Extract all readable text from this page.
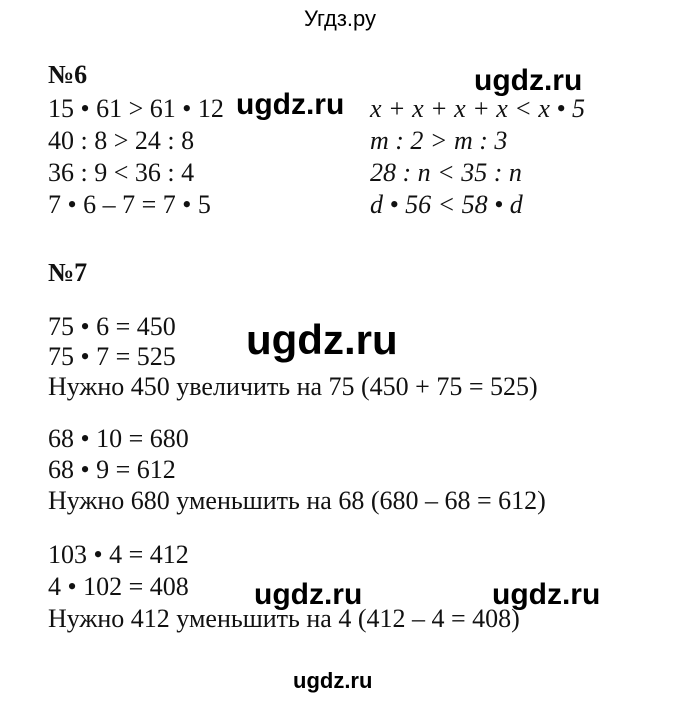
Угдз.ру
№6
15 • 61 > 61 • 12
40 : 8 > 24 : 8
36 : 9 < 36 : 4
7 • 6 – 7 = 7 • 5
x + x + x + x < x • 5
m : 2 > m : 3
28 : n < 35 : n
d • 56 < 58 • d
№7
75 • 6 = 450
75 • 7 = 525
Нужно 450 увеличить на 75 (450 + 75 = 525)
68 • 10 = 680
68 • 9 = 612
Нужно 680 уменьшить на 68 (680 – 68 = 612)
103 • 4 = 412
4 • 102 = 408
Нужно 412 уменьшить на 4 (412 – 4 = 408)
ugdz.ru
ugdz.ru
ugdz.ru
ugdz.ru	ugdz.ru
ugdz.ru
